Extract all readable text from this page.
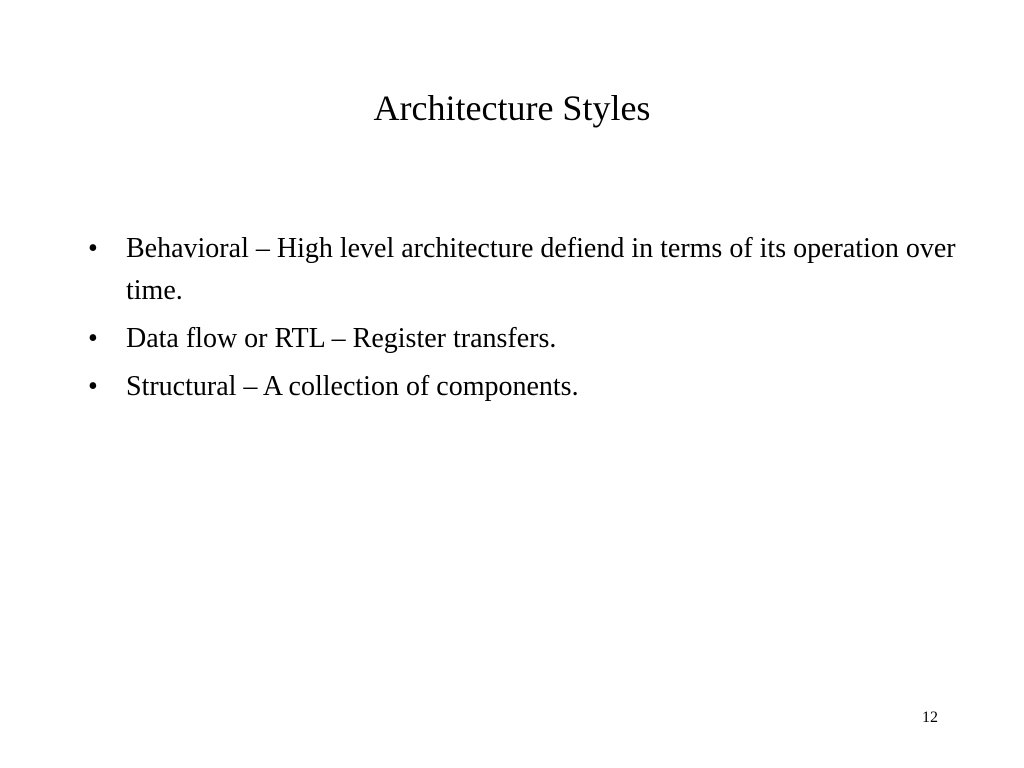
Architecture Styles
•	Behavioral – High level architecture defiend in terms of its operation over time.
•	Data flow or RTL – Register transfers.
•	Structural – A collection of components.
12
